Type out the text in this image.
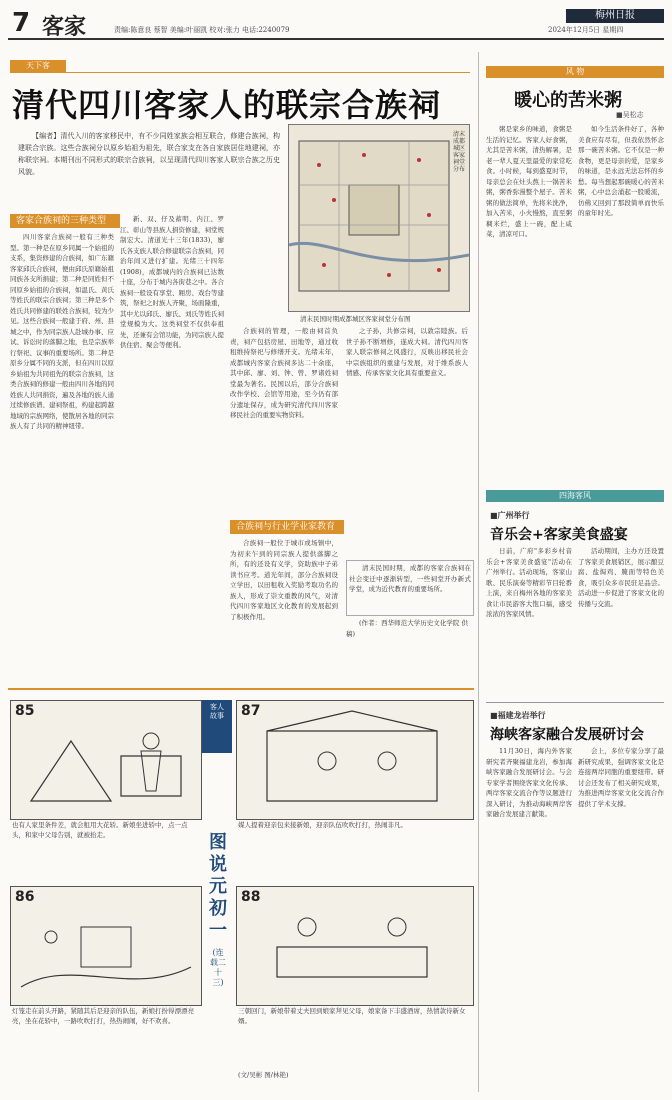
7 客家	责编:陈意良 蔡智 美编:叶丽凯 校对:张力 电话:2240079
梅州日报
2024年12月5日 星期四
天下客
清代四川客家人的联宗合族祠

【编者】清代入川的客家移民中，有不少同姓家族会相互联合，修建合族祠，构建联合宗族。这些合族祠分以原乡始祖为祖先，联合家支在各自家族居住地建祠，亦称联宗祠。本期刊出不同形式的联宗合族祠，以呈现清代四川客家人联宗合族之历史风貌。

清末成都城区客家祠堂分布
清末民国时期成都城区客家祠堂分布图
客家合族祠的三种类型

四川客家合族祠一般有三种类型。第一种是在原乡同属一个始祖的支系，集资修建的合族祠，如广东籍客家邱氏合族祠，便由邱氏原籍始祖同族各支所捐建；第二种是同姓但不同原乡始祖的合族祠，如温氏、黄氏等姓氏的联宗合族祠；第三种是多个姓氏共同修建的联姓合族祠，较为少见。这些合族祠一般建于府、州、县城之中，作为同宗族人赴城办事、应试、诉讼时的落脚之地，也是宗族举行祭祀、议事的重要场所。第二种是原乡分属不同的支派，但在四川以原乡始祖为共同祖先的联宗合族祠，这类合族祠的修建一般由四川各地的同姓族人共同捐资，遍及各地的族人通过续修族谱、建祠祭祖，构建起跨越地域的宗族网络，使散居各地的同宗族人有了共同的精神纽带。

新、双、仔及蓄明、内江、罗江、彰山等县族人捐资修建，祠堂规制宏大。清道光十三年(1833)，廖氏各支族人联合修建联宗合族祠，同治年间又进行扩建。光绪三十四年(1908)，成都城内的合族祠已达数十座，分布于城内各街巷之中。各合族祠一般设有享堂、厢房、戏台等建筑，祭祀之时族人齐聚，场面隆重，其中尤以邱氏、廖氏、刘氏等姓氏祠堂规模为大。这类祠堂不仅供奉祖先，还兼有会馆功能，为同宗族人提供住宿、聚会等便利。

合族祠的管理，一般由祠首负责，祠产包括房屋、田地等，通过收租维持祭祀与修缮开支。光绪末年，成都城内客家合族祠多达二十余座，其中邱、廖、刘、钟、曾、罗诸姓祠堂最为著名。民国以后，部分合族祠改作学校、会馆等用途，至今仍有部分遗址保存，成为研究清代四川客家移民社会的重要实物资料。

之子孙，共修宗祠，以敦宗睦族。后世子孙不断增修，遂成大祠。清代四川客家人联宗修祠之风盛行，反映出移民社会中宗族组织的重建与发展，对于维系族人情感、传承客家文化具有重要意义。

合族祠与行业学业家教育

合族祠一般位于城市或场镇中，为初来乍到的同宗族人提供落脚之所，有的还设有义学，资助族中子弟读书应考。道光年间，部分合族祠设立学田，以田租收入奖励考取功名的族人，形成了崇文重教的风气，对清代四川客家地区文化教育的发展起到了积极作用。

清末民国时期，成都的客家合族祠在社会变迁中逐渐转型，一些祠堂开办新式学堂，成为近代教育的重要场所。

(作者：西华师范大学历史文化学院 供稿)

风 物
暖心的苦米粥
■吴松志

粥是家乡的味道，食粥是生活的记忆。客家人好食粥，尤其是苦米粥，清热解暑，是老一辈人夏天里最爱的家常吃食。小时候，每到盛夏时节，母亲总会在灶头熬上一锅苦米粥，粥香弥漫整个屋子。苦米粥的做法简单，先将米洗净，加入苦米，小火慢熬，直至粥稠米烂，盛上一碗，配上咸菜，清凉可口。

如今生活条件好了，各种美食应有尽有，但我依然怀念那一碗苦米粥。它不仅是一种食物，更是母亲的爱，是家乡的味道，是永远无法忘怀的乡愁。每当想起那碗暖心的苦米粥，心中总会涌起一股暖流，仿佛又回到了那段简单而快乐的童年时光。

四海客风
■广州举行
音乐会+客家美食盛宴

日前，广府"多彩乡村音乐会+客家美食盛宴"活动在广州举行。活动现场，客家山歌、民乐演奏等精彩节目轮番上演，来自梅州各地的客家美食让市民游客大饱口福，感受浓浓的客家风情。

活动期间，主办方还设置了客家美食展销区，展示酿豆腐、盐焗鸡、腌面等特色美食，吸引众多市民驻足品尝。活动进一步促进了客家文化的传播与交流。

■福建龙岩举行
海峡客家融合发展研讨会

11月30日，海内外客家研究者齐聚福建龙岩，参加海峡客家融合发展研讨会。与会专家学者围绕客家文化传承、两岸客家交流合作等议题进行深入研讨，为推动海峡两岸客家融合发展建言献策。

会上，多位专家分享了最新研究成果，强调客家文化是连接两岸同胞的重要纽带。研讨会还发布了相关研究成果，为推进两岸客家文化交流合作提供了学术支撑。

客人故事
图说元初一
(连载二十三)
85
也有人家里条件差，就会租用大花轿。新娘坐进轿中，点一点头，和家中父母告别，就被抬走。
87
媒人提着迎亲包来接新娘，迎亲队伍吹吹打打，热闹非凡。
86
灯笼走在前头开路，紧随其后是迎亲的队伍，新娘打扮得漂漂亮亮，坐在花轿中，一路吹吹打打，热热闹闹，好不欢喜。
88
三朝回门，新娘带着丈夫回到娘家拜见父母，娘家备下丰盛酒席，热情款待新女婿。
(文/吴彬 图/林艳)
